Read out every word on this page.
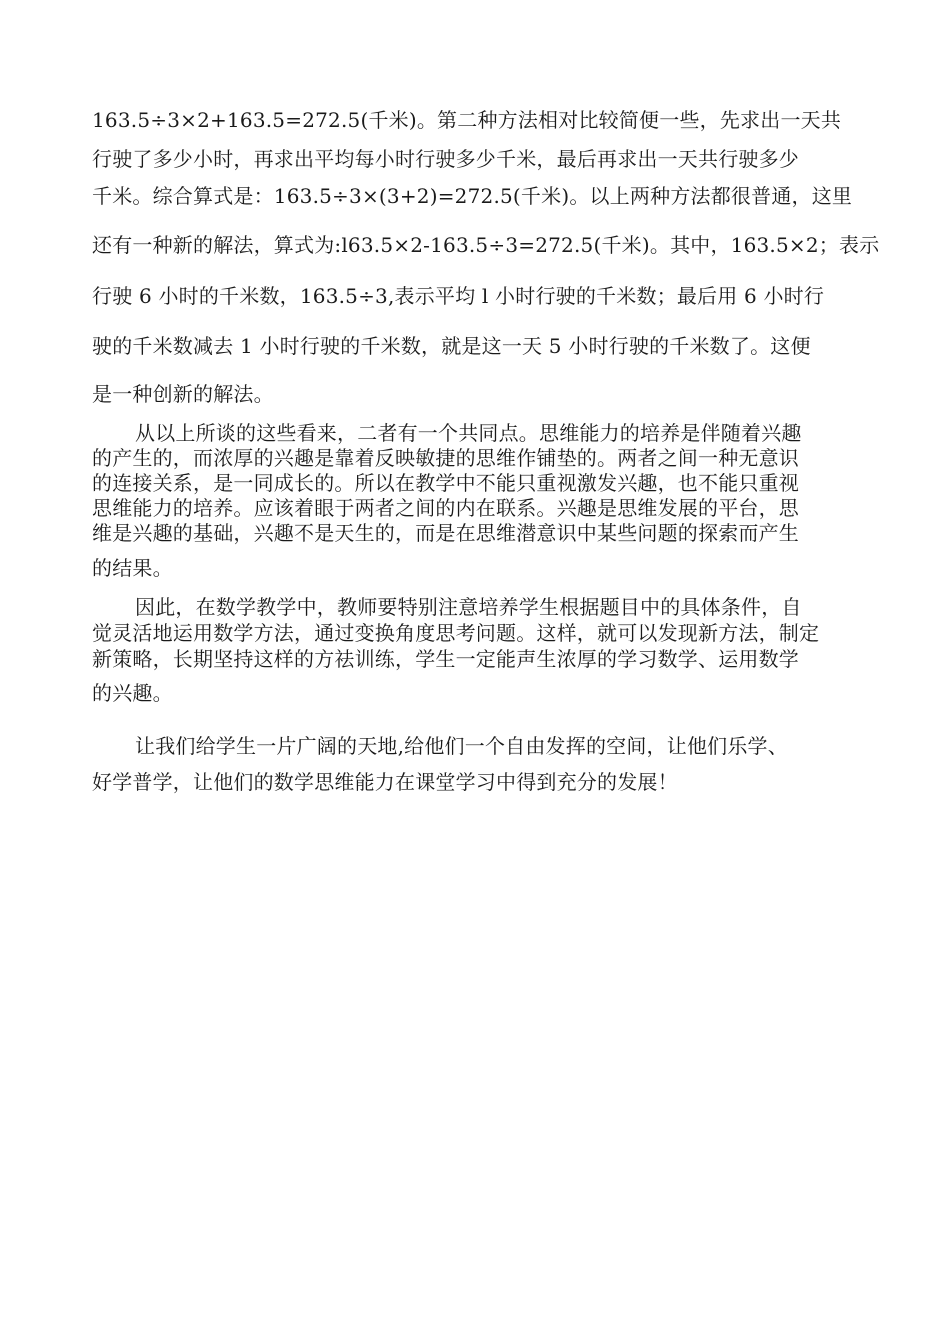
163.5÷3×2+163.5=272.5(千米)。第二种方法相对比较简便一些，先求出一天共
行驶了多少小时，再求出平均每小时行驶多少千米，最后再求出一天共行驶多少
千米。综合算式是：163.5÷3×(3+2)=272.5(千米)。以上两种方法都很普通，这里
还有一种新的解法，算式为:l63.5×2-163.5÷3=272.5(千米)。其中，163.5×2；表示
行驶 6 小时的千米数，163.5÷3,表示平均 l 小时行驶的千米数；最后用 6 小时行
驶的千米数减去 1 小时行驶的千米数，就是这一天 5 小时行驶的千米数了。这便
是一种创新的解法。
从以上所谈的这些看来，二者有一个共同点。思维能力的培养是伴随着兴趣
的产生的，而浓厚的兴趣是靠着反映敏捷的思维作铺垫的。两者之间一种无意识
的连接关系，是一同成长的。所以在教学中不能只重视激发兴趣，也不能只重视
思维能力的培养。应该着眼于两者之间的内在联系。兴趣是思维发展的平台，思
维是兴趣的基础，兴趣不是天生的，而是在思维潜意识中某些问题的探索而产生
的结果。
因此，在数学教学中，教师要特别注意培养学生根据题目中的具体条件，自
觉灵活地运用数学方法，通过变换角度思考问题。这样，就可以发现新方法，制定
新策略，长期坚持这样的方祛训练，学生一定能声生浓厚的学习数学、运用数学
的兴趣。
让我们给学生一片广阔的天地,给他们一个自由发挥的空间，让他们乐学、
好学普学，让他们的数学思维能力在课堂学习中得到充分的发展！
